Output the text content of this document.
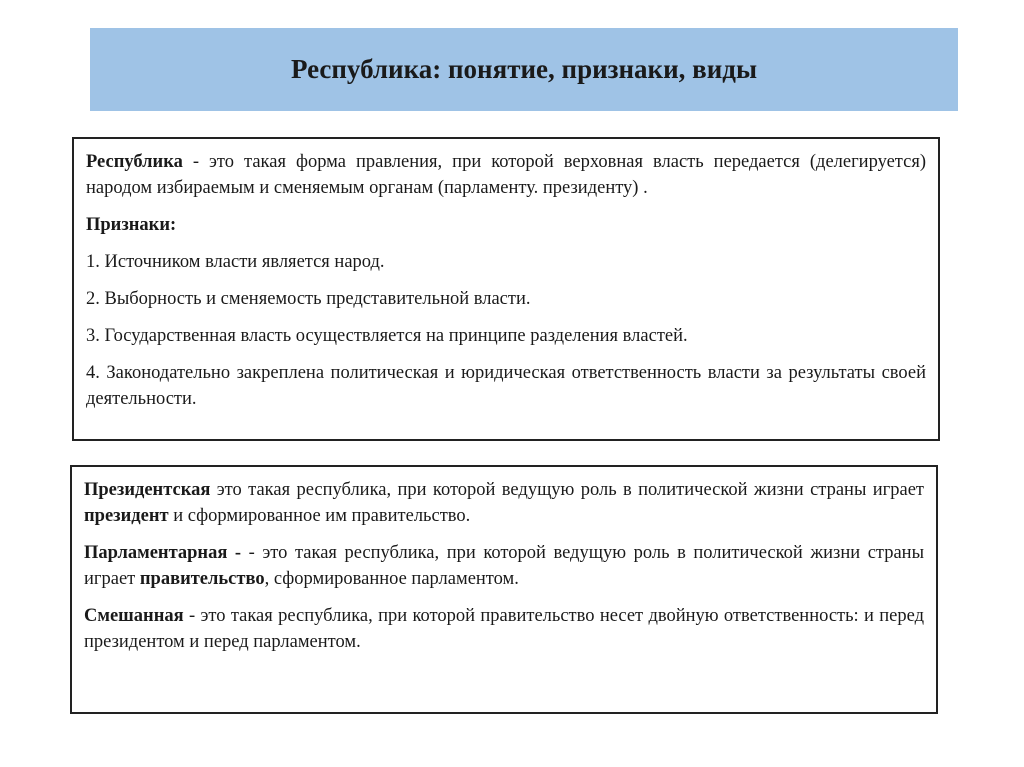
Республика: понятие, признаки, виды

Республика - это такая форма правления, при которой верховная власть передается (делегируется) народом избираемым и сменяемым органам (парламенту. президенту) .

Признаки:

1. Источником власти является народ.

2. Выборность и сменяемость представительной власти.

3. Государственная власть осуществляется на принципе разделения властей.

4. Законодательно закреплена политическая и юридическая ответственность власти за результаты своей деятельности.

Президентская это такая республика, при которой ведущую роль в политической жизни страны играет президент и сформированное им правительство.

Парламентарная - - это такая республика, при которой ведущую роль в политической жизни страны играет правительство, сформированное парламентом.

Смешанная - это такая республика, при которой правительство несет двойную ответственность: и перед президентом и перед парламентом.
